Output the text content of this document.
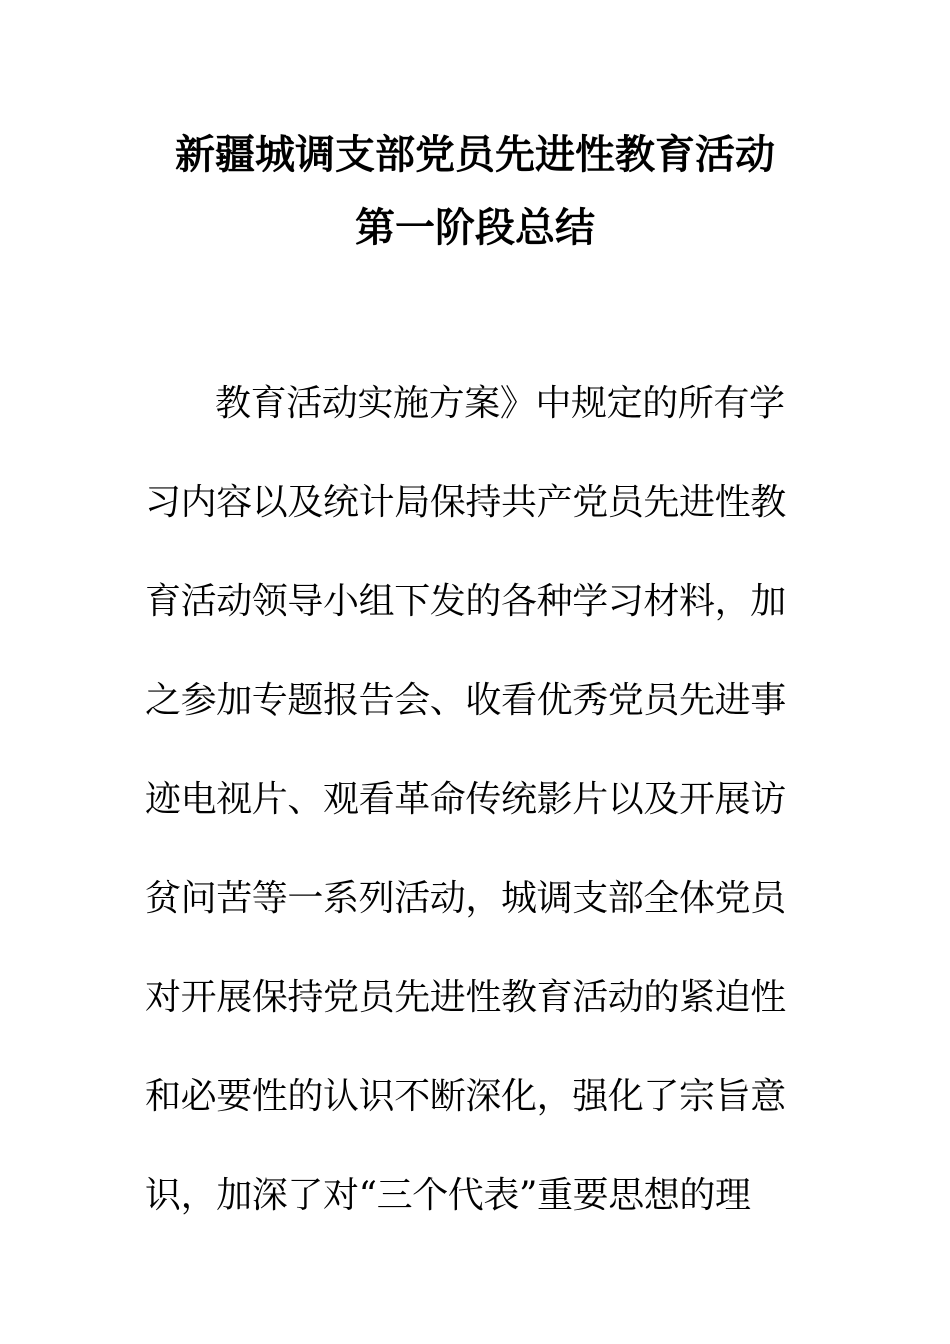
新疆城调支部党员先进性教育活动
第一阶段总结
教育活动实施方案》中规定的所有学
习内容以及统计局保持共产党员先进性教
育活动领导小组下发的各种学习材料，加
之参加专题报告会、收看优秀党员先进事
迹电视片、观看革命传统影片以及开展访
贫问苦等一系列活动，城调支部全体党员
对开展保持党员先进性教育活动的紧迫性
和必要性的认识不断深化，强化了宗旨意
识，加深了对“三个代表”重要思想的理
